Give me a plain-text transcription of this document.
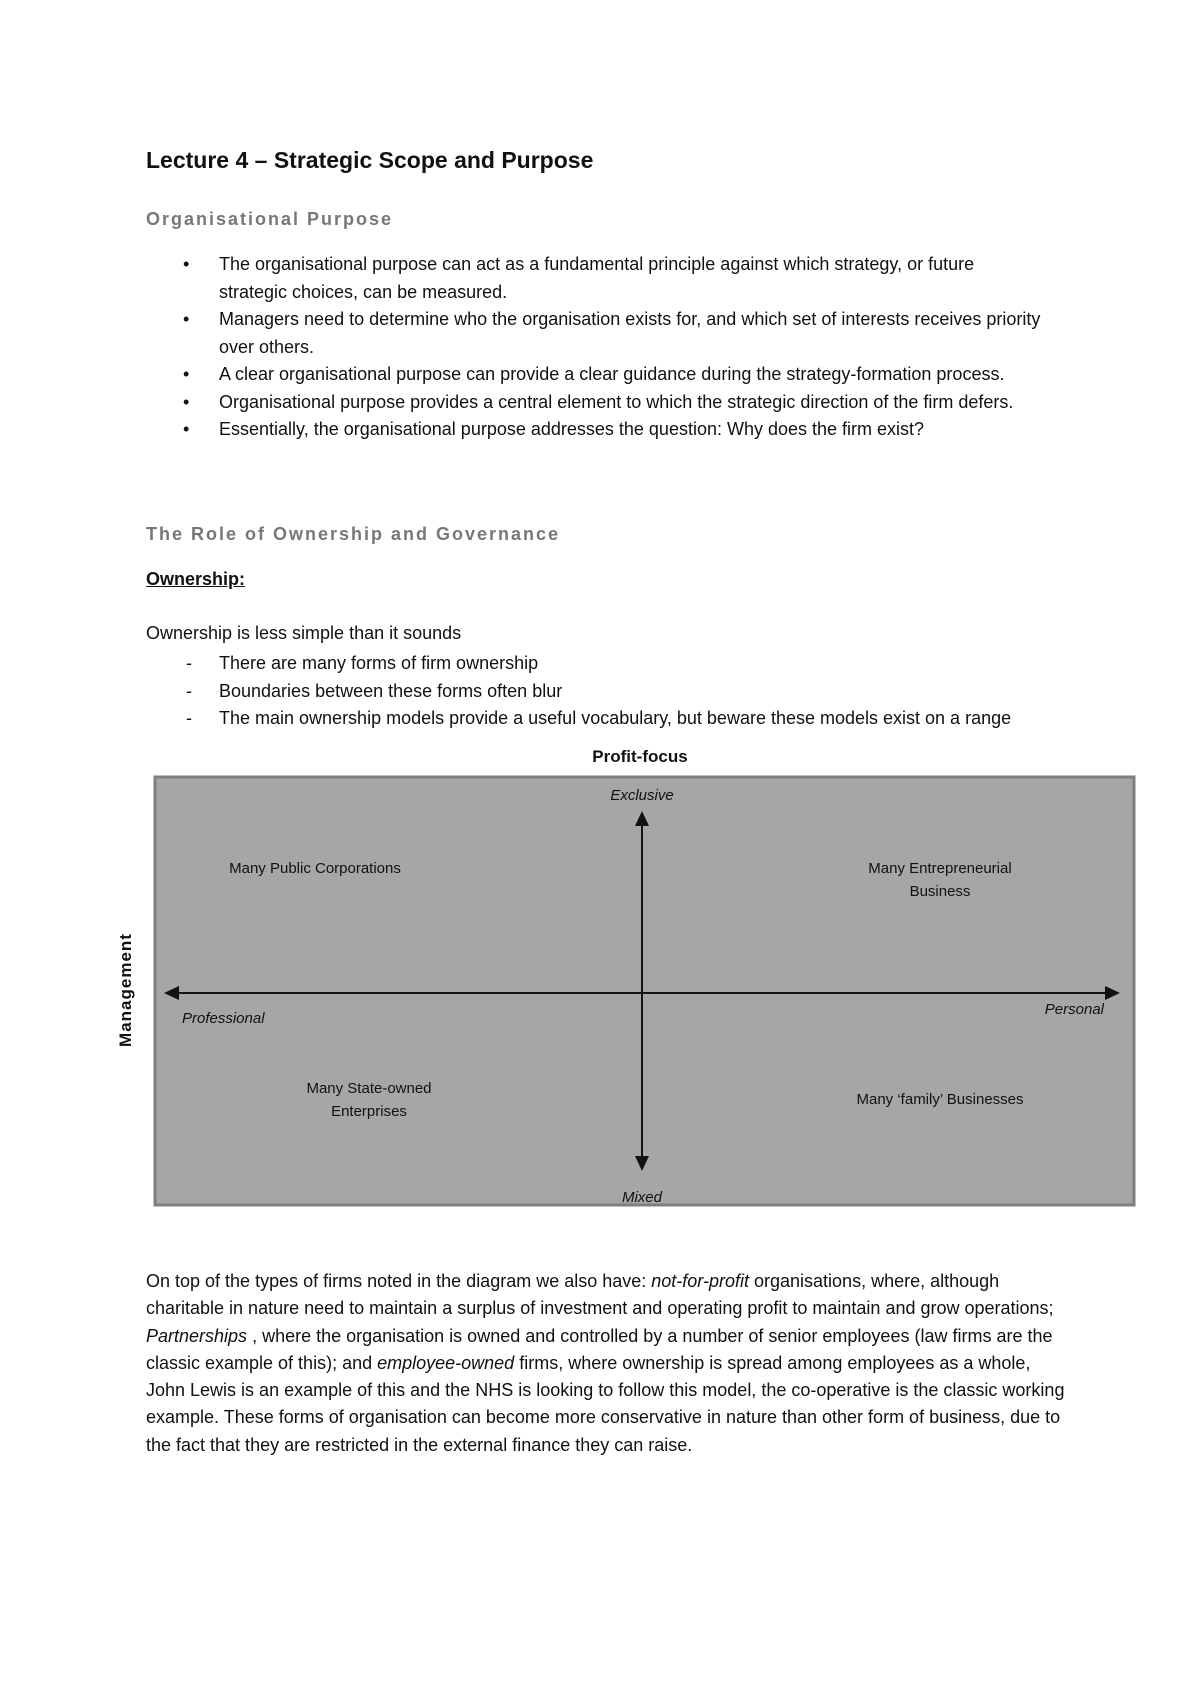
Lecture 4 – Strategic Scope and Purpose
Organisational Purpose
• The organisational purpose can act as a fundamental principle against which strategy, or future strategic choices, can be measured.
• Managers need to determine who the organisation exists for, and which set of interests receives priority over others.
• A clear organisational purpose can provide a clear guidance during the strategy-formation process.
• Organisational purpose provides a central element to which the strategic direction of the firm defers.
• Essentially, the organisational purpose addresses the question: Why does the firm exist?
The Role of Ownership and Governance

Ownership:

Ownership is less simple than it sounds

- There are many forms of firm ownership
- Boundaries between these forms often blur
- The main ownership models provide a useful vocabulary, but beware these models exist on a range
Profit-focus
Management
Exclusive
Mixed
Professional
Personal
Many Public Corporations	Many Entrepreneurial
Business
Many State-owned
Enterprises
Many ‘family’ Businesses

On top of the types of firms noted in the diagram we also have: not-for-profit organisations, where, although charitable in nature need to maintain a surplus of investment and operating profit to maintain and grow operations; Partnerships , where the organisation is owned and controlled by a number of senior employees (law firms are the classic example of this); and employee-owned firms, where ownership is spread among employees as a whole, John Lewis is an example of this and the NHS is looking to follow this model, the co-operative is the classic working example. These forms of organisation can become more conservative in nature than other form of business, due to the fact that they are restricted in the external finance they can raise.
